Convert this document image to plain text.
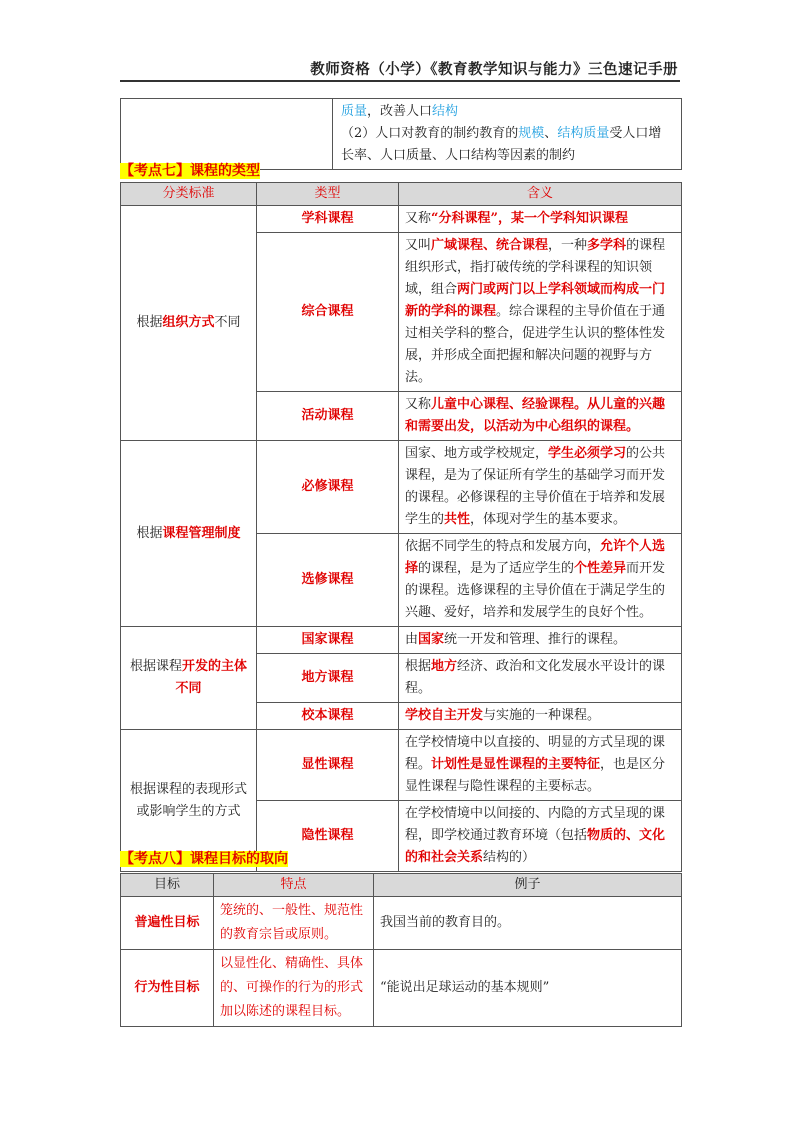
教师资格（小学）《教育教学知识与能力》三色速记手册
	质量，改善人口结构
（2）人口对教育的制约教育的规模、结构质量受人口增长率、人口质量、人口结构等因素的制约
【考点七】课程的类型
分类标准	类型	含义
根据组织方式不同	学科课程	又称“分科课程”，某一个学科知识课程
	综合课程	又叫广域课程、统合课程，一种多学科的课程组织形式，指打破传统的学科课程的知识领域，组合两门或两门以上学科领域而构成一门新的学科的课程。综合课程的主导价值在于通过相关学科的整合，促进学生认识的整体性发展，并形成全面把握和解决问题的视野与方法。
	活动课程	又称儿童中心课程、经验课程。从儿童的兴趣和需要出发，以活动为中心组织的课程。
根据课程管理制度	必修课程	国家、地方或学校规定，学生必须学习的公共课程，是为了保证所有学生的基础学习而开发的课程。必修课程的主导价值在于培养和发展学生的共性，体现对学生的基本要求。
	选修课程	依据不同学生的特点和发展方向，允许个人选择的课程，是为了适应学生的个性差异而开发的课程。选修课程的主导价值在于满足学生的兴趣、爱好，培养和发展学生的良好个性。
根据课程开发的主体不同	国家课程	由国家统一开发和管理、推行的课程。
	地方课程	根据地方经济、政治和文化发展水平设计的课程。
	校本课程	学校自主开发与实施的一种课程。
根据课程的表现形式或影响学生的方式	显性课程	在学校情境中以直接的、明显的方式呈现的课程。计划性是显性课程的主要特征，也是区分显性课程与隐性课程的主要标志。
	隐性课程	在学校情境中以间接的、内隐的方式呈现的课程，即学校通过教育环境（包括物质的、文化的和社会关系结构的）
【考点八】课程目标的取向
目标	特点	例子
普遍性目标	笼统的、一般性、规范性的教育宗旨或原则。	我国当前的教育目的。
行为性目标	以显性化、精确性、具体的、可操作的行为的形式加以陈述的课程目标。	“能说出足球运动的基本规则”
